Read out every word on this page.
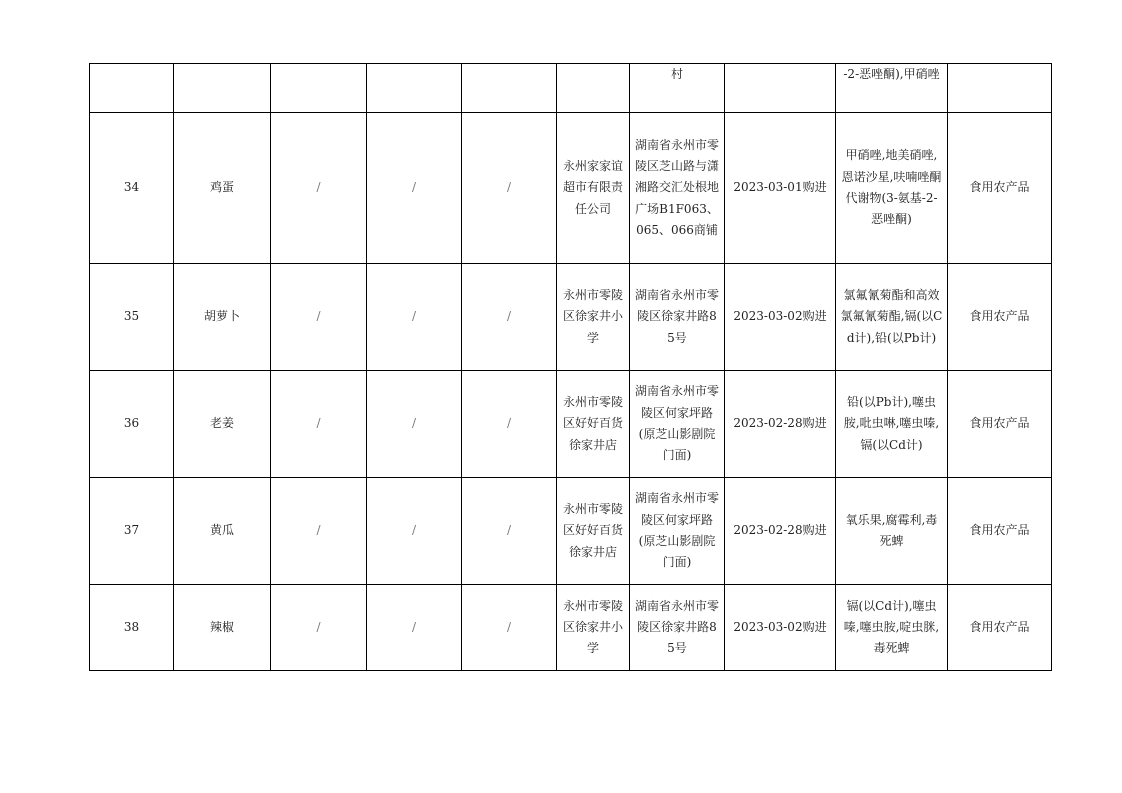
						村		-2-恶唑酮),甲硝唑	
34	鸡蛋	/	/	/	永州家家谊超市有限责任公司	湖南省永州市零陵区芝山路与潇湘路交汇处根地广场B1F063、065、066商铺	2023-03-01购进	甲硝唑,地美硝唑,恩诺沙星,呋喃唑酮代谢物(3-氨基-2-恶唑酮)	食用农产品
35	胡萝卜	/	/	/	永州市零陵区徐家井小学	湖南省永州市零陵区徐家井路85号	2023-03-02购进	氯氟氰菊酯和高效氯氟氰菊酯,镉(以Cd计),铅(以Pb计)	食用农产品
36	老姜	/	/	/	永州市零陵区好好百货徐家井店	湖南省永州市零陵区何家坪路(原芝山影剧院门面)	2023-02-28购进	铅(以Pb计),噻虫胺,吡虫啉,噻虫嗪,镉(以Cd计)	食用农产品
37	黄瓜	/	/	/	永州市零陵区好好百货徐家井店	湖南省永州市零陵区何家坪路(原芝山影剧院门面)	2023-02-28购进	氧乐果,腐霉利,毒死蜱	食用农产品
38	辣椒	/	/	/	永州市零陵区徐家井小学	湖南省永州市零陵区徐家井路85号	2023-03-02购进	镉(以Cd计),噻虫嗪,噻虫胺,啶虫脒,毒死蜱	食用农产品
